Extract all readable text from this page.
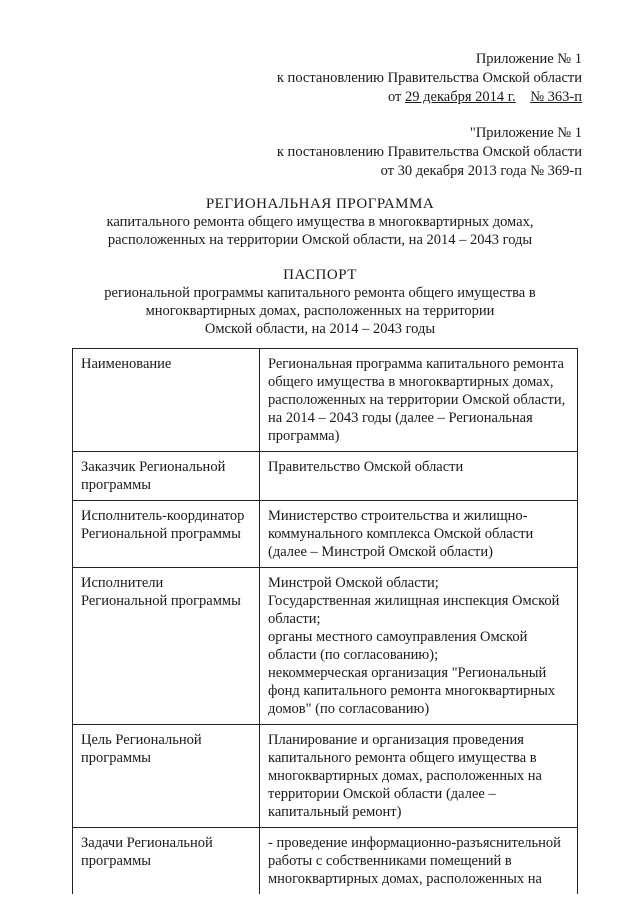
Приложение № 1
к постановлению Правительства Омской области
от 29 декабря 2014 г. № 363-п
"Приложение № 1
к постановлению Правительства Омской области
от 30 декабря 2013 года № 369-п
РЕГИОНАЛЬНАЯ ПРОГРАММА
капитального ремонта общего имущества в многоквартирных домах,
расположенных на территории Омской области, на 2014 – 2043 годы
ПАСПОРТ
региональной программы капитального ремонта общего имущества в
многоквартирных домах, расположенных на территории
Омской области, на 2014 – 2043 годы
Наименование	Региональная программа капитального ремонта общего имущества в многоквартирных домах, расположенных на территории Омской области, на 2014 – 2043 годы (далее – Региональная программа)
Заказчик Региональной программы	Правительство Омской области
Исполнитель-координатор Региональной программы	Министерство строительства и жилищно-коммунального комплекса Омской области (далее – Минстрой Омской области)
Исполнители Региональной программы	Минстрой Омской области;
Государственная жилищная инспекция Омской области;
органы местного самоуправления Омской области (по согласованию);
некоммерческая организация "Региональный фонд капитального ремонта многоквартирных домов" (по согласованию)

Цель Региональной программы	Планирование и организация проведения капитального ремонта общего имущества в многоквартирных домах, расположенных на территории Омской области (далее – капитальный ремонт)
Задачи Региональной программы	- проведение информационно-разъяснительной работы с собственниками помещений в многоквартирных домах, расположенных на
